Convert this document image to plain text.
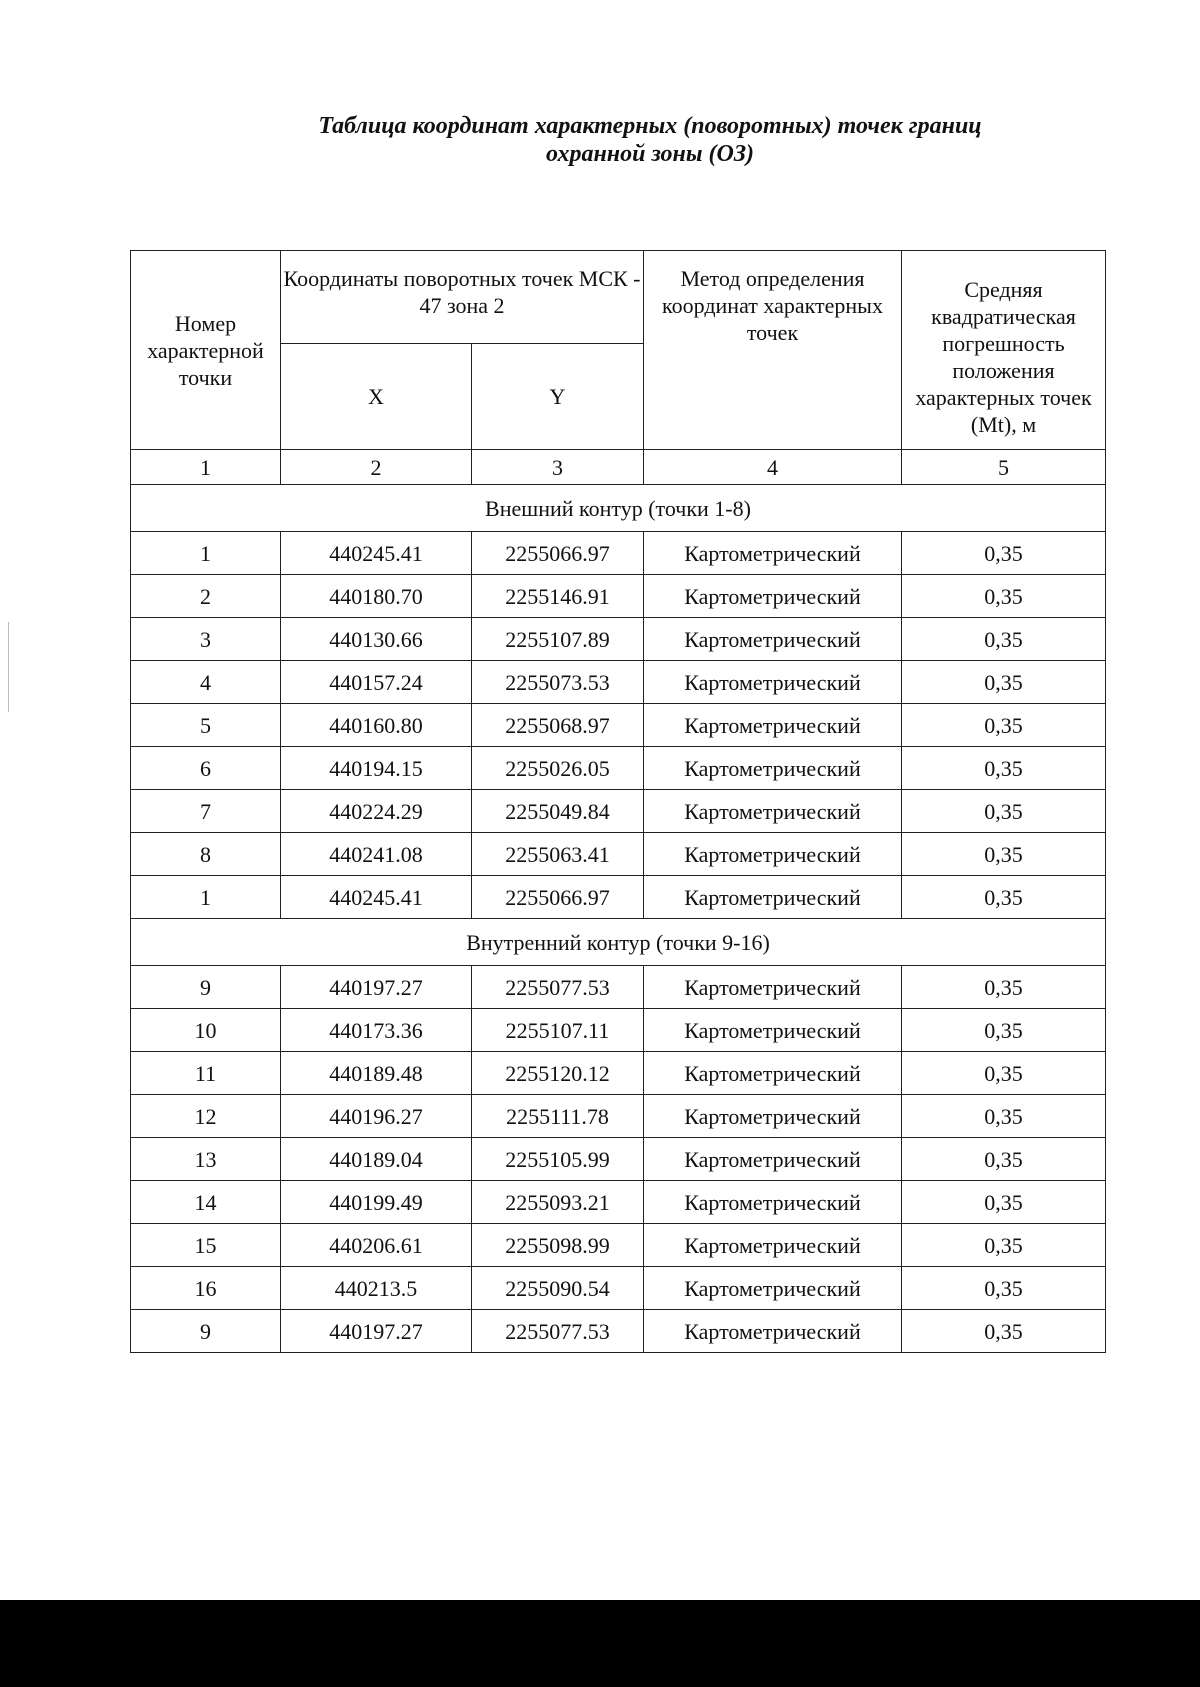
Таблица координат характерных (поворотных) точек границ
охранной зоны (ОЗ)
Номер характерной точки	Координаты поворотных точек МСК - 47 зона 2		Метод определения координат характерных точек	Средняя квадратическая погрешность положения характерных точек (Mt), м
	X	Y		
1	2	3	4	5
Внешний контур (точки 1-8)				
1	440245.41	2255066.97	Картометрический	0,35
2	440180.70	2255146.91	Картометрический	0,35
3	440130.66	2255107.89	Картометрический	0,35
4	440157.24	2255073.53	Картометрический	0,35
5	440160.80	2255068.97	Картометрический	0,35
6	440194.15	2255026.05	Картометрический	0,35
7	440224.29	2255049.84	Картометрический	0,35
8	440241.08	2255063.41	Картометрический	0,35
1	440245.41	2255066.97	Картометрический	0,35
Внутренний контур (точки 9-16)				
9	440197.27	2255077.53	Картометрический	0,35
10	440173.36	2255107.11	Картометрический	0,35
11	440189.48	2255120.12	Картометрический	0,35
12	440196.27	2255111.78	Картометрический	0,35
13	440189.04	2255105.99	Картометрический	0,35
14	440199.49	2255093.21	Картометрический	0,35
15	440206.61	2255098.99	Картометрический	0,35
16	440213.5	2255090.54	Картометрический	0,35
9	440197.27	2255077.53	Картометрический	0,35
